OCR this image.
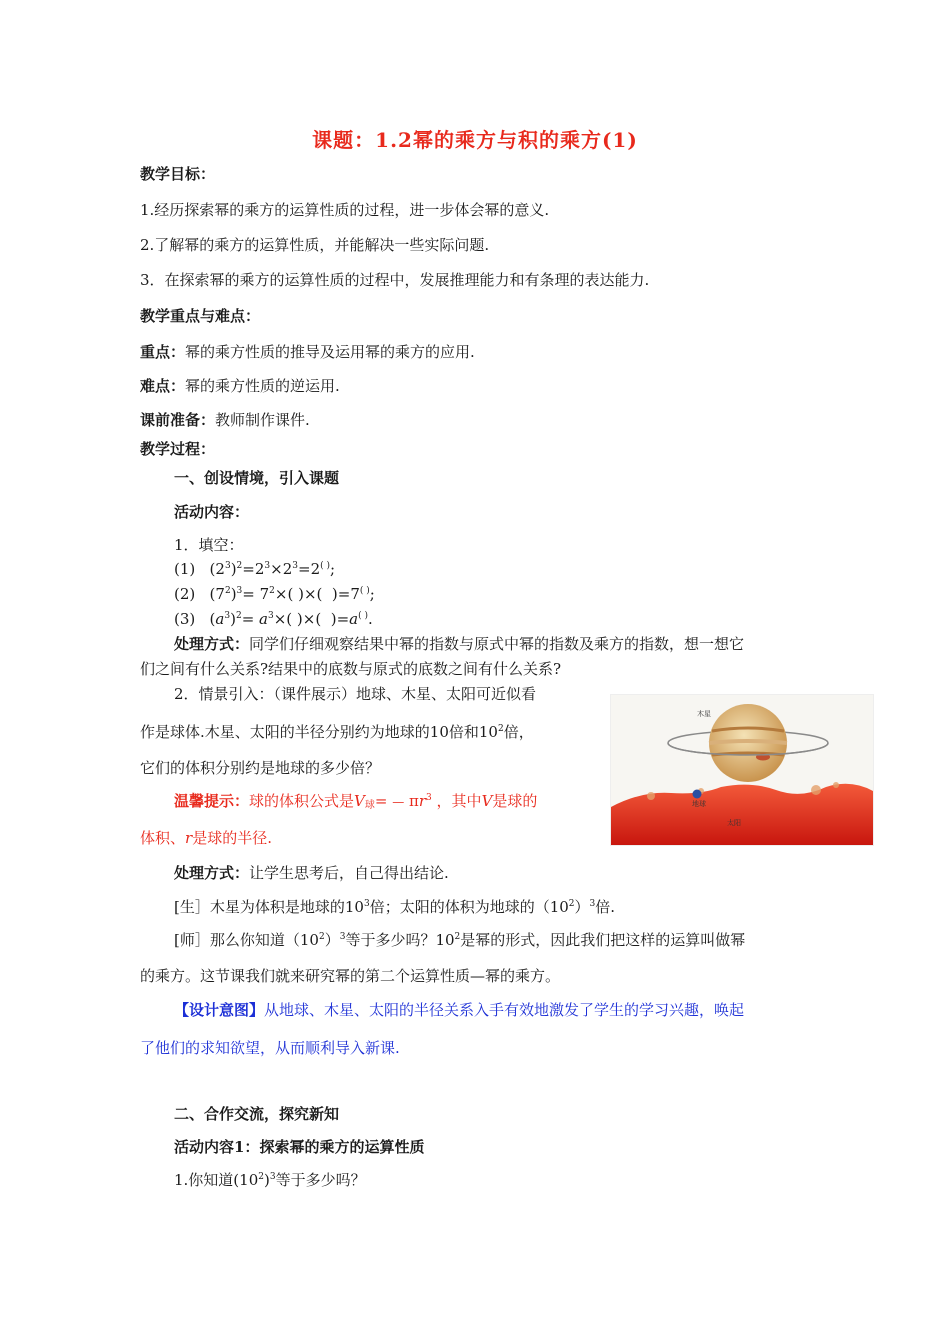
课题：1.2幂的乘方与积的乘方(1)
教学目标：
1.经历探索幂的乘方的运算性质的过程，进一步体会幂的意义.
2.了解幂的乘方的运算性质，并能解决一些实际问题.
3．在探索幂的乘方的运算性质的过程中，发展推理能力和有条理的表达能力.
教学重点与难点：
重点：幂的乘方性质的推导及运用幂的乘方的应用.
难点：幂的乘方性质的逆运用.
课前准备：教师制作课件.
教学过程：
一、创设情境，引入课题
活动内容：
1．填空：
(1)   $(2^3)^2=2^3\times 2^3=2^{( )}$;
(2)   $(7^2)^3= 7^2\times$( )×(  )=7( );
(3)   $(a^3)^2= a^3\times$( )×(  )=a( ).
处理方式：同学们仔细观察结果中幂的指数与原式中幂的指数及乘方的指数，想一想它
们之间有什么关系?结果中的底数与原式的底数之间有什么关系?
2．情景引入：（课件展示）地球、木星、太阳可近似看
作是球体.木星、太阳的半径分别约为地球的10倍和$10^2$倍，
它们的体积分别约是地球的多少倍？
温馨提示：球的体积公式是$V_球=$ — $\pi r^3$ ，其中V是球的
体积、r是球的半径.
处理方式：让学生思考后，自己得出结论.
[生］木星为体积是地球的$10^3$倍；太阳的体积为地球的$(10^2)^3$倍.
[师］那么你知道$(10^2)^3$等于多少吗？$10^2$是幂的形式，因此我们把这样的运算叫做幂
的乘方。这节课我们就来研究幂的第二个运算性质—幂的乘方。
【设计意图】从地球、木星、太阳的半径关系入手有效地激发了学生的学习兴趣，唤起
了他们的求知欲望，从而顺利导入新课.
二、合作交流，探究新知
活动内容1：探索幂的乘方的运算性质
1.你知道$(10^2)^3$等于多少吗？
木星
地球
太阳
